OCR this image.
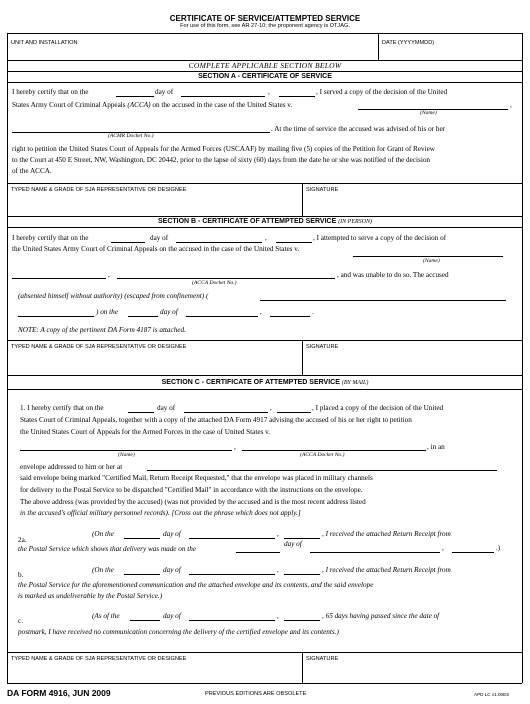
CERTIFICATE OF SERVICE/ATTEMPTED SERVICE
For use of this form, see AR 27-10; the proponent agency is OTJAG.
UNIT AND INSTALLATION	DATE (YYYYMMDD)
COMPLETE APPLICABLE SECTION BELOW
SECTION A - CERTIFICATE OF SERVICE
I hereby certify that on the	day of	,	, I served a copy of the decision of the United
States Army Court of Criminal Appeals (ACCA) on the accused in the case of the United States v.	,
(Name)
. At the time of service the accused was advised of his or her
(ACMR Docket No.)
right to petition the United States Court of Appeals for the Armed Forces (USCAAF) by mailing five (5) copies of the Petition for Grant of Review
to the Court at 450 E Street, NW, Washington, DC 20442, prior to the lapse of sixty (60) days from the date he or she was notified of the decision
of the ACCA.
TYPED NAME & GRADE OF SJA REPRESENTATIVE OR DESIGNEE	SIGNATURE
SECTION B - CERTIFICATE OF ATTEMPTED SERVICE (IN PERSON)
I hereby certify that on the	day of	,	, I attempted to serve a copy of the decision of
the United States Army Court of Criminal Appeals on the accused in the case of the United States v.
(Name)
,	, and was unable to do so. The accused
(ACCA Docket No.)
(absented himself without authority) (escaped from confinement) (
) on the	day of	,	.
NOTE: A copy of the pertinent DA Form 4187 is attached.
TYPED NAME & GRADE OF SJA REPRESENTATIVE OR DESIGNEE	SIGNATURE
SECTION C - CERTIFICATE OF ATTEMPTED SERVICE (BY MAIL)
1. I hereby certify that on the	day of	,	, I placed a copy of the decision of the United
States Court of Criminal Appeals, together with a copy of the attached DA Form 4917 advising the accused of his or her right to petition
the United States Court of Appeals for the Armed Forces in the case of United States v.
,	, in an
(Name)	(ACCA Docket No.)
envelope addressed to him or her at
said envelope being marked "Certified Mail, Return Receipt Requested," that the envelope was placed in military channels
for delivery to the Postal Service to be dispatched "Certified Mail" in accordance with the instructions on the envelope.
The above address (was provided by the accused) (was not provided by the accused and is the most recent address listed
in the accused's official military personnel records). [Cross out the phrase which does not apply.]
2a.
(On the	day of	,	, I received the attached Return Receipt from
the Postal Service which shows that delivery was made on the
day of	,	.)
b.
(On the	day of	,	, I received the attached Return Receipt from
the Postal Service for the aforementioned communication and the attached envelope and its contents, and the said envelope
is marked as undeliverable by the Postal Service.)
c.
(As of the	day of	,	, 65 days having passed since the date of
postmark, I have received no communication concerning the delivery of the certified envelope and its contents.)
TYPED NAME & GRADE OF SJA REPRESENTATIVE OR DESIGNEE	SIGNATURE
DA FORM 4916, JUN 2009	PREVIOUS EDITIONS ARE OBSOLETE	APD LC v1.00ES
